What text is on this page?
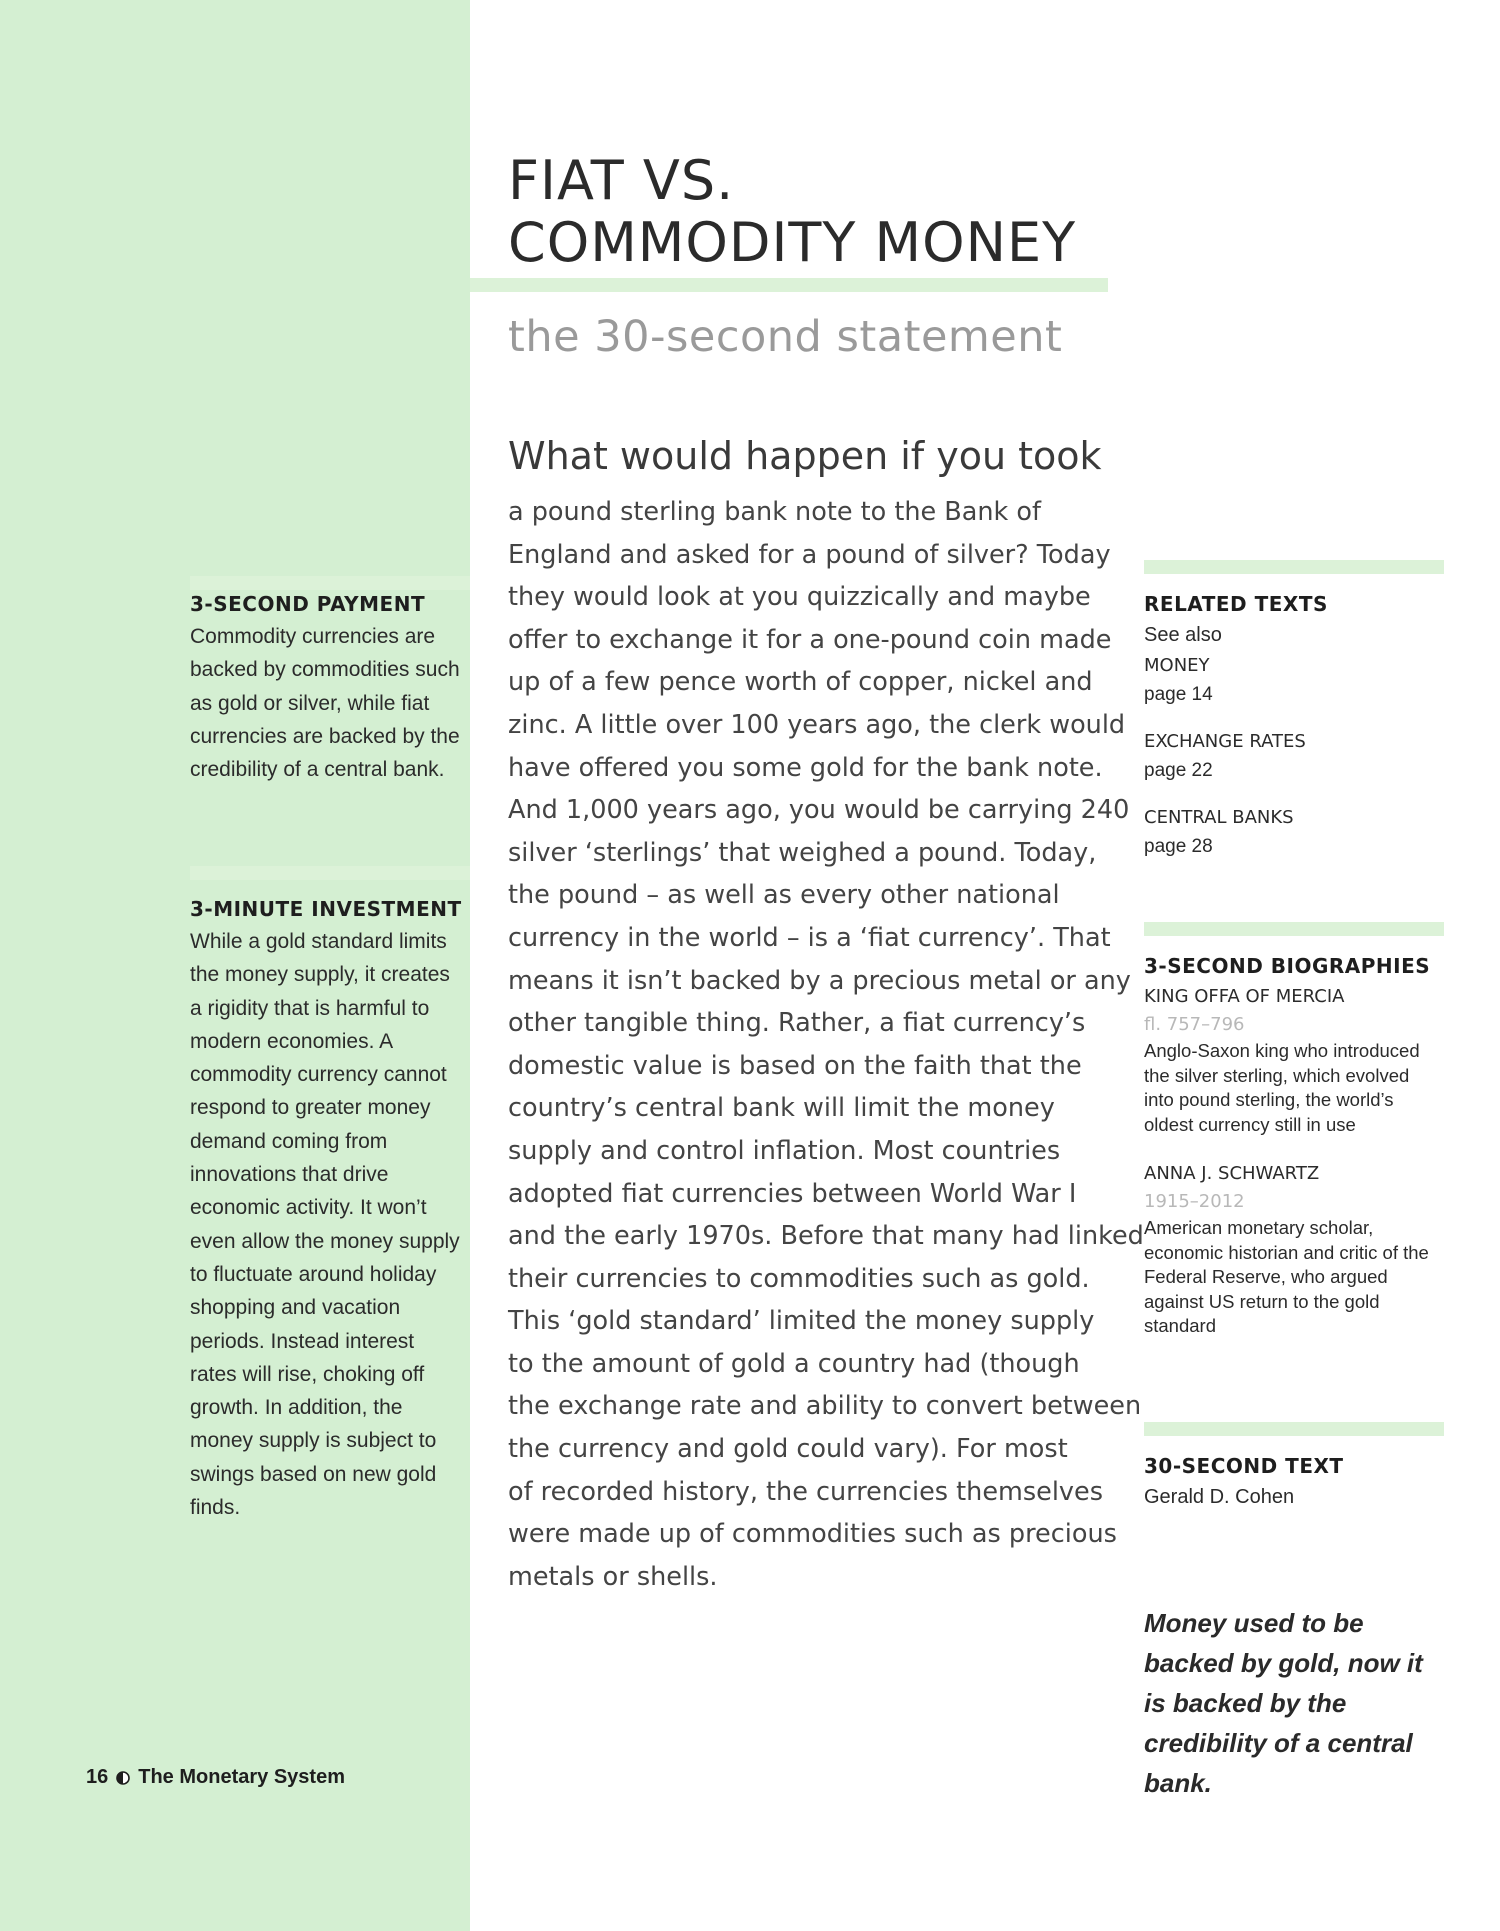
FIAT VS.
COMMODITY MONEY
the 30-second statement

What would happen if you took

a pound sterling bank note to the Bank of
England and asked for a pound of silver? Today
they would look at you quizzically and maybe
offer to exchange it for a one-pound coin made
up of a few pence worth of copper, nickel and
zinc. A little over 100 years ago, the clerk would
have offered you some gold for the bank note.
And 1,000 years ago, you would be carrying 240
silver ‘sterlings’ that weighed a pound. Today,
the pound – as well as every other national
currency in the world – is a ‘fiat currency’. That
means it isn’t backed by a precious metal or any
other tangible thing. Rather, a fiat currency’s
domestic value is based on the faith that the
country’s central bank will limit the money
supply and control inflation. Most countries
adopted fiat currencies between World War I
and the early 1970s. Before that many had linked
their currencies to commodities such as gold.
This ‘gold standard’ limited the money supply
to the amount of gold a country had (though
the exchange rate and ability to convert between
the currency and gold could vary). For most
of recorded history, the currencies themselves
were made up of commodities such as precious
metals or shells.

3-SECOND PAYMENT

Commodity currencies are backed by commodities such as gold or silver, while fiat currencies are backed by the credibility of a central bank.

3-MINUTE INVESTMENT

While a gold standard limits the money supply, it creates a rigidity that is harmful to modern economies. A commodity currency cannot respond to greater money demand coming from innovations that drive economic activity. It won’t even allow the money supply to fluctuate around holiday shopping and vacation periods. Instead interest rates will rise, choking off growth. In addition, the money supply is subject to swings based on new gold finds.

RELATED TEXTS

See also

MONEY

page 14

EXCHANGE RATES

page 22

CENTRAL BANKS

page 28

3-SECOND BIOGRAPHIES

KING OFFA OF MERCIA

fl. 757–796

Anglo-Saxon king who introduced the silver sterling, which evolved into pound sterling, the world’s oldest currency still in use

ANNA J. SCHWARTZ

1915–2012

American monetary scholar, economic historian and critic of the Federal Reserve, who argued against US return to the gold standard

30-SECOND TEXT

Gerald D. Cohen

Money used to be backed by gold, now it is backed by the credibility of a central bank.

16 The Monetary System
